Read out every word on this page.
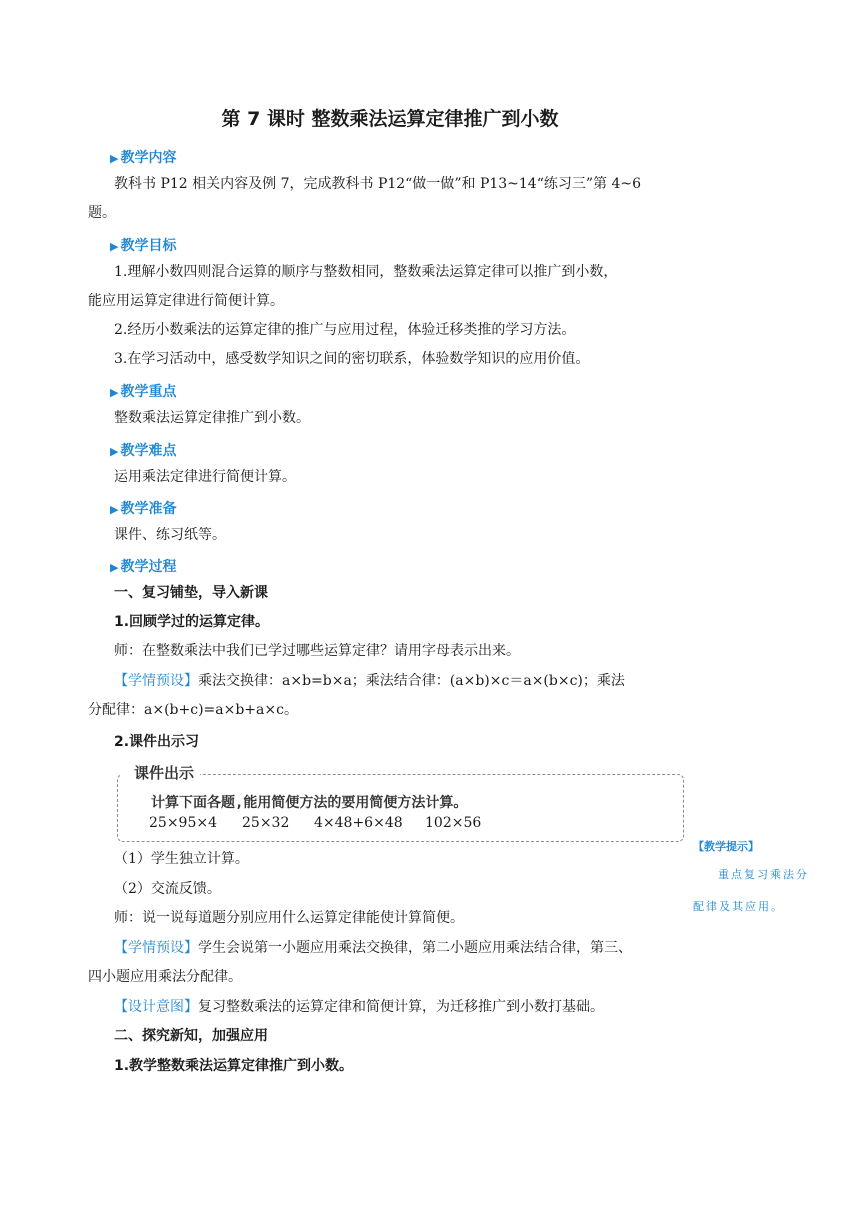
第 7 课时 整数乘法运算定律推广到小数
▶ 教学内容
教科书 P12 相关内容及例 7，完成教科书 P12“做一做”和 P13~14“练习三”第 4~6
题。
▶ 教学目标
1.理解小数四则混合运算的顺序与整数相同，整数乘法运算定律可以推广到小数，
能应用运算定律进行简便计算。
2.经历小数乘法的运算定律的推广与应用过程，体验迁移类推的学习方法。
3.在学习活动中，感受数学知识之间的密切联系，体验数学知识的应用价值。
▶ 教学重点
整数乘法运算定律推广到小数。
▶ 教学难点
运用乘法定律进行简便计算。
▶ 教学准备
课件、练习纸等。
▶ 教学过程
一、复习铺垫，导入新课
1.回顾学过的运算定律。
师：在整数乘法中我们已学过哪些运算定律？请用字母表示出来。
【学情预设】乘法交换律：a×b=b×a；乘法结合律：(a×b)×c＝a×(b×c)；乘法
分配律：a×(b+c)=a×b+a×c。
2.课件出示习
课件出示
计算下面各题,能用简便方法的要用简便方法计算。
25×95×4 25×32 4×48+6×48 102×56
（1）学生独立计算。
（2）交流反馈。
师：说一说每道题分别应用什么运算定律能使计算简便。
【学情预设】学生会说第一小题应用乘法交换律，第二小题应用乘法结合律，第三、
四小题应用乘法分配律。
【设计意图】复习整数乘法的运算定律和简便计算，为迁移推广到小数打基础。
二、探究新知，加强应用
1.教学整数乘法运算定律推广到小数。
【教学提示】
重点复习乘法分
配律及其应用。
